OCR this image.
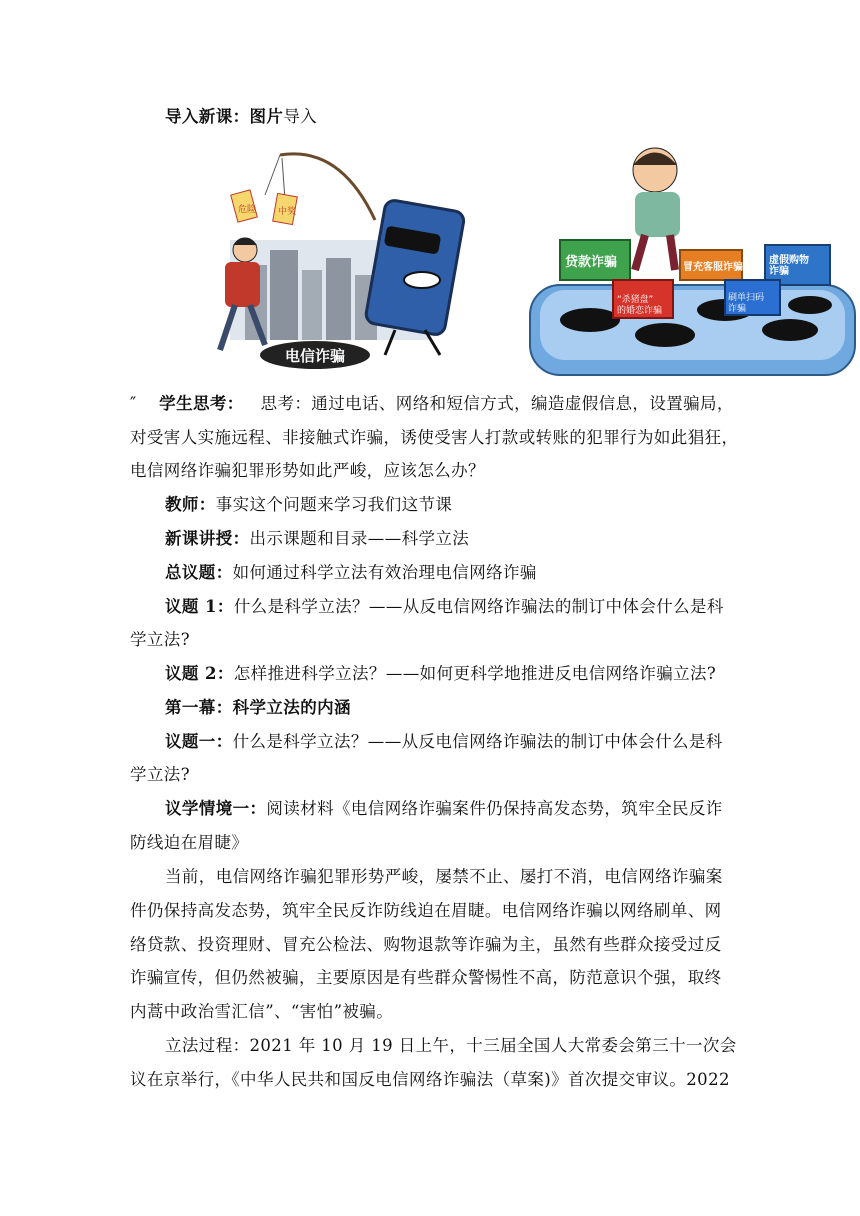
导入新课：图片导入
危险 中奖
电信诈骗
贷款诈骗	冒充客服诈骗
虚假购物诈骗
“杀猪盘”的婚恋诈骗
刷单扫码诈骗
″ 学生思考： 思考：通过电话、网络和短信方式，编造虚假信息，设置骗局，
对受害人实施远程、非接触式诈骗，诱使受害人打款或转账的犯罪行为如此猖狂，
电信网络诈骗犯罪形势如此严峻，应该怎么办？
教师：事实这个问题来学习我们这节课
新课讲授：出示课题和目录——科学立法
总议题：如何通过科学立法有效治理电信网络诈骗
议题 1：什么是科学立法？——从反电信网络诈骗法的制订中体会什么是科
学立法?
议题 2：怎样推进科学立法？——如何更科学地推进反电信网络诈骗立法?
第一幕：科学立法的内涵
议题一：什么是科学立法？——从反电信网络诈骗法的制订中体会什么是科
学立法?
议学情境一：阅读材料《电信网络诈骗案件仍保持高发态势，筑牢全民反诈
防线迫在眉睫》
当前，电信网络诈骗犯罪形势严峻，屡禁不止、屡打不消，电信网络诈骗案
件仍保持高发态势，筑牢全民反诈防线迫在眉睫。电信网络诈骗以网络刷单、网
络贷款、投资理财、冒充公检法、购物退款等诈骗为主，虽然有些群众接受过反
诈骗宣传，但仍然被骗，主要原因是有些群众警惕性不高，防范意识个强，取终
内蒿中政治雪汇信”、“害怕”被骗。
立法过程：2021 年 10 月 19 日上午，十三届全国人大常委会第三十一次会
议在京举行，《中华人民共和国反电信网络诈骗法（草案)》首次提交审议。2022
